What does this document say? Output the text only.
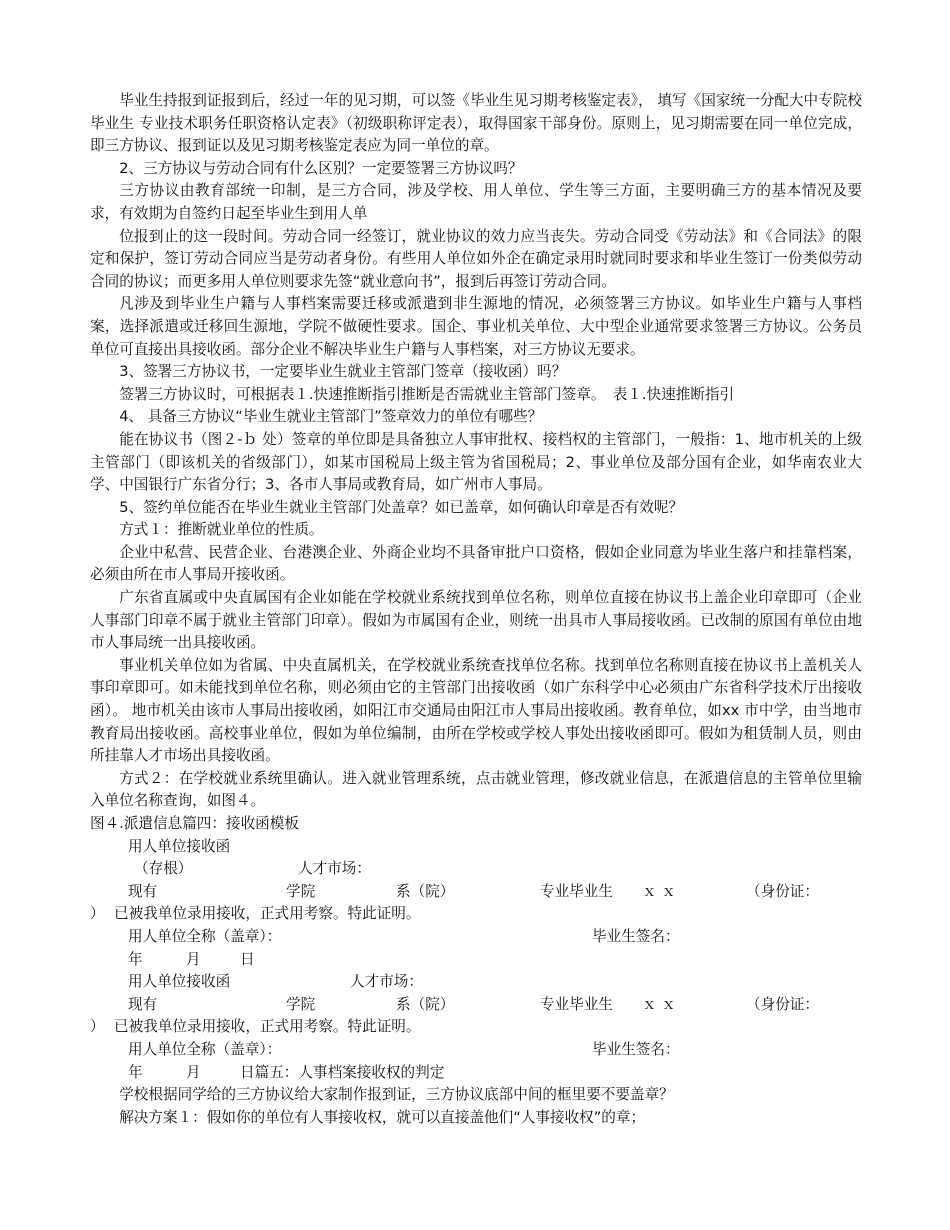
毕业生持报到证报到后，经过一年的见习期，可以签《毕业生见习期考核鉴定表》， 填写《国家统一分配大中专院校毕业生 专业技术职务任职资格认定表》（初级职称评定表），取得国家干部身份。原则上，见习期需要在同一单位完成，即三方协议、报到证以及见习期考核鉴定表应为同一单位的章。

2、三方协议与劳动合同有什么区别？一定要签署三方协议吗？

三方协议由教育部统一印制，是三方合同，涉及学校、用人单位、学生等三方面，主要明确三方的基本情况及要求，有效期为自签约日起至毕业生到用人单

位报到止的这一段时间。劳动合同一经签订，就业协议的效力应当丧失。劳动合同受《劳动法》和《合同法》的限定和保护，签订劳动合同应当是劳动者身份。有些用人单位如外企在确定录用时就同时要求和毕业生签订一份类似劳动合同的协议；而更多用人单位则要求先签“就业意向书”，报到后再签订劳动合同。

凡涉及到毕业生户籍与人事档案需要迁移或派遣到非生源地的情况，必须签署三方协议。如毕业生户籍与人事档案，选择派遣或迁移回生源地，学院不做硬性要求。国企、事业机关单位、大中型企业通常要求签署三方协议。公务员单位可直接出具接收函。部分企业不解决毕业生户籍与人事档案，对三方协议无要求。

3、签署三方协议书，一定要毕业生就业主管部门签章（接收函）吗？

签署三方协议时，可根据表１.快速推断指引推断是否需就业主管部门签章。　表１.快速推断指引

4、 具备三方协议“毕业生就业主管部门”签章效力的单位有哪些？

能在协议书（图２-ｂ 处）签章的单位即是具备独立人事审批权、接档权的主管部门，一般指：1、地市机关的上级主管部门（即该机关的省级部门），如某市国税局上级主管为省国税局；2、事业单位及部分国有企业，如华南农业大学、中国银行广东省分行；3、各市人事局或教育局，如广州市人事局。

5、签约单位能否在毕业生就业主管部门处盖章？如已盖章，如何确认印章是否有效呢？

方式１：推断就业单位的性质。

企业中私营、民营企业、台港澳企业、外商企业均不具备审批户口资格，假如企业同意为毕业生落户和挂靠档案，必须由所在市人事局开接收函。

广东省直属或中央直属国有企业如能在学校就业系统找到单位名称，则单位直接在协议书上盖企业印章即可（企业人事部门印章不属于就业主管部门印章）。假如为市属国有企业，则统一出具市人事局接收函。已改制的原国有单位由地市人事局统一出具接收函。

事业机关单位如为省属、中央直属机关，在学校就业系统查找单位名称。找到单位名称则直接在协议书上盖机关人事印章即可。如未能找到单位名称，则必须由它的主管部门出接收函（如广东科学中心必须由广东省科学技术厅出接收函）。 地市机关由该市人事局出接收函，如阳江市交通局由阳江市人事局出接收函。教育单位，如xx 市中学，由当地市教育局出接收函。高校事业单位，假如为单位编制，由所在学校或学校人事处出接收函即可。假如为租赁制人员，则由所挂靠人才市场出具接收函。

方式２：在学校就业系统里确认。进入就业管理系统，点击就业管理，修改就业信息，在派遣信息的主管单位里输入单位名称查询，如图４。

图４.派遣信息篇四：接收函模板

用人单位接收函
（存根）	人才市场：
现有	学院	系（院）	专业毕业生 ｘ ｘ	（身份证：
） 已被我单位录用接收，正式用考察。特此证明。
用人单位全称（盖章）：	毕业生签名：
年	月	日
用人单位接收函	人才市场：
现有	学院	系（院）	专业毕业生 ｘ ｘ	（身份证：
） 已被我单位录用接收，正式用考察。特此证明。
用人单位全称（盖章）：	毕业生签名：
年	月	日篇五：人事档案接收权的判定

学校根据同学给的三方协议给大家制作报到证，三方协议底部中间的框里要不要盖章？

解决方案１：假如你的单位有人事接收权，就可以直接盖他们“人事接收权”的章；
